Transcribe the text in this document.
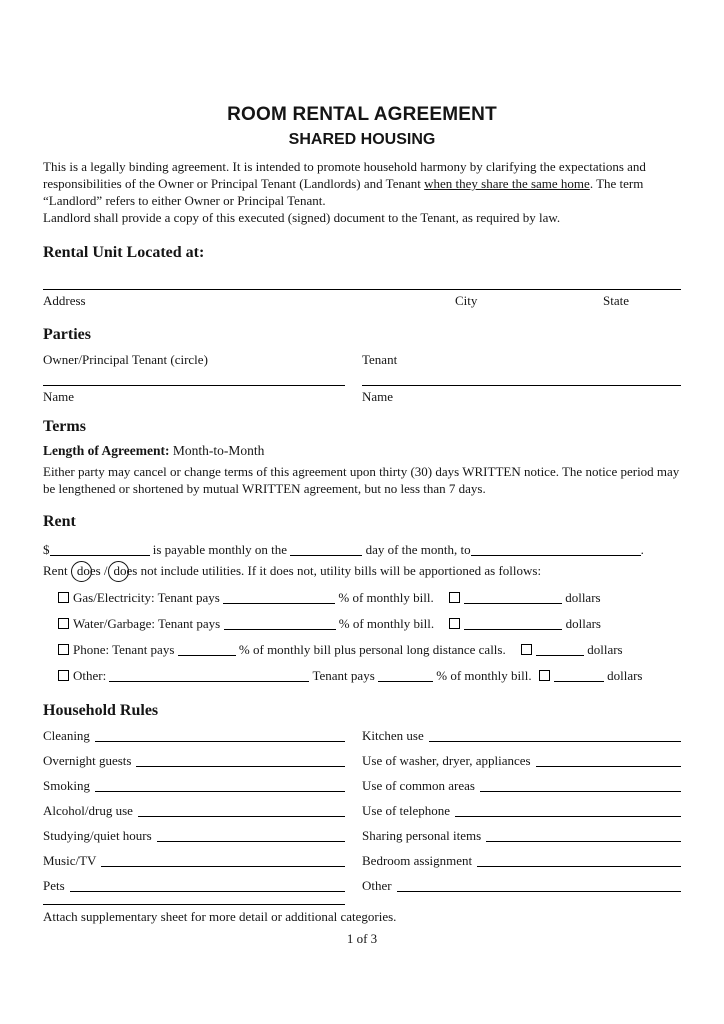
ROOM RENTAL AGREEMENT
SHARED HOUSING

This is a legally binding agreement. It is intended to promote household harmony by clarifying the expectations and responsibilities of the Owner or Principal Tenant (Landlords) and Tenant when they share the same home. The term “Landlord” refers to either Owner or Principal Tenant.

Landlord shall provide a copy of this executed (signed) document to the Tenant, as required by law.

Rental Unit Located at:
Address	City	State
Parties
Owner/Principal Tenant (circle)	Tenant
Name	Name
Terms

Length of Agreement: Month-to-Month

Either party may cancel or change terms of this agreement upon thirty (30) days WRITTEN notice. The notice period may be lengthened or shortened by mutual WRITTEN agreement, but no less than 7 days.

Rent

$	is payable monthly on the	day of the month, to	.

Rent does / does not include utilities. If it does not, utility bills will be apportioned as follows:

Gas/Electricity: Tenant pays	% of monthly bill.	dollars

Water/Garbage: Tenant pays	% of monthly bill.	dollars

Phone: Tenant pays	% of monthly bill plus personal long distance calls.	dollars

Other:	Tenant pays	% of monthly bill.	dollars

Household Rules
Cleaning	Kitchen use
Overnight guests	Use of washer, dryer, appliances
Smoking	Use of common areas
Alcohol/drug use	Use of telephone
Studying/quiet hours	Sharing personal items
Music/TV	Bedroom assignment
Pets	Other

Attach supplementary sheet for more detail or additional categories.

1 of 3
